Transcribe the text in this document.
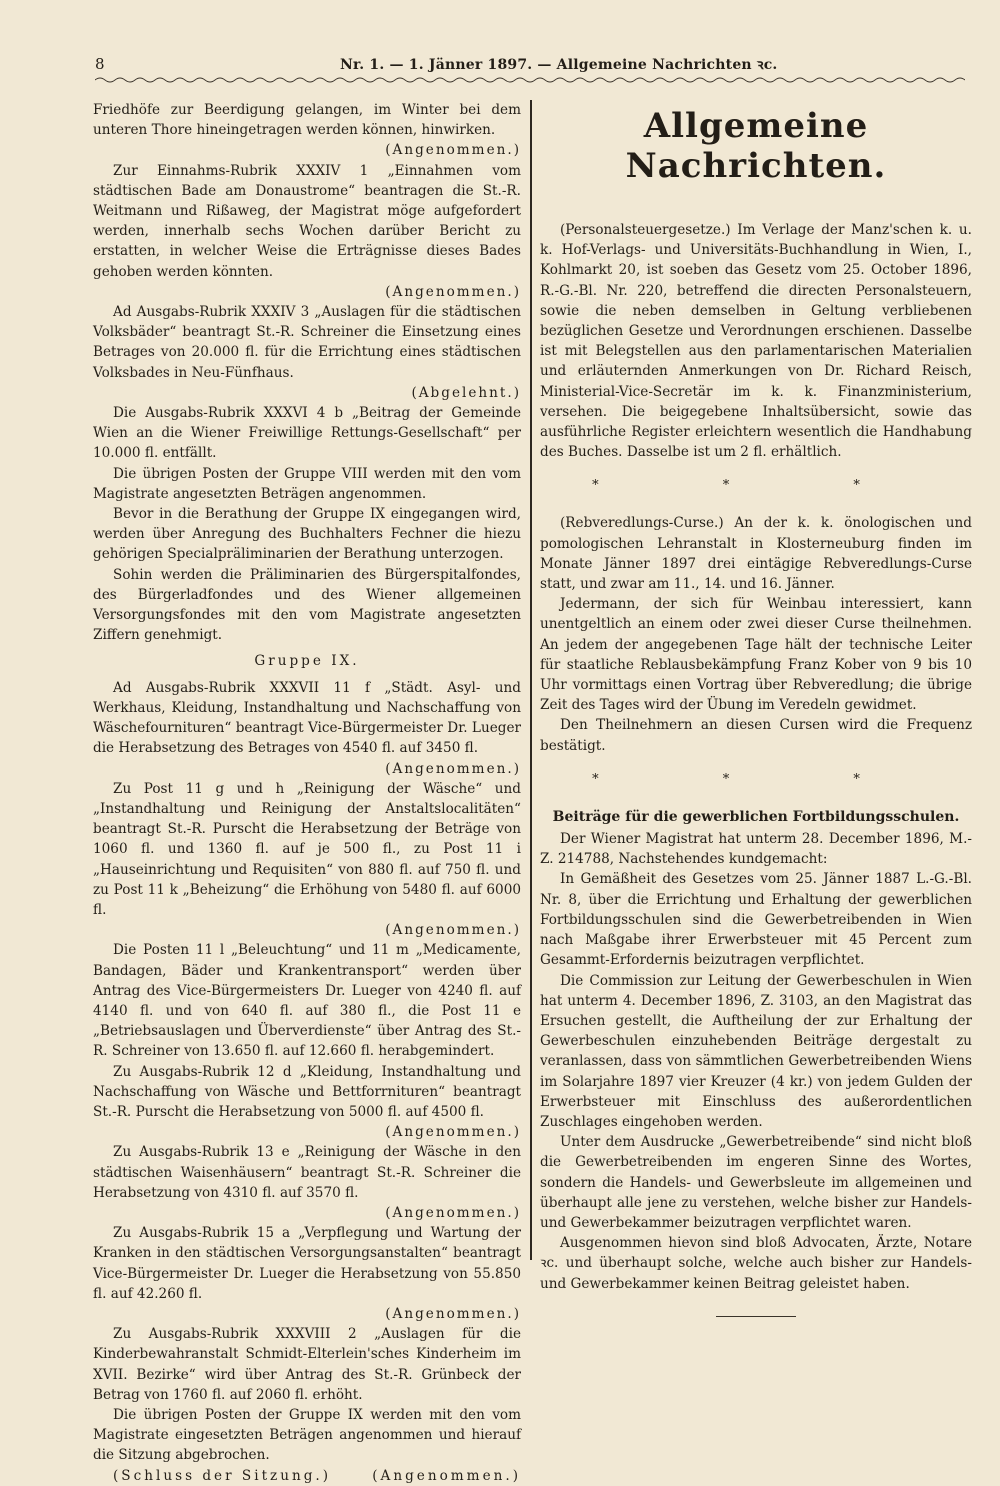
8	Nr. 1. — 1. Jänner 1897. — Allgemeine Nachrichten ꝛc.

Friedhöfe zur Beerdigung gelangen, im Winter bei dem unteren Thore hineingetragen werden können, hinwirken.
(Angenommen.)

Zur Einnahms-Rubrik XXXIV 1 „Einnahmen vom städtischen Bade am Donaustrome“ beantragen die St.-R. Weitmann und Rißaweg, der Magistrat möge aufgefordert werden, innerhalb sechs Wochen darüber Bericht zu erstatten, in welcher Weise die Erträgnisse dieses Bades gehoben werden könnten.
(Angenommen.)

Ad Ausgabs-Rubrik XXXIV 3 „Auslagen für die städtischen Volksbäder“ beantragt St.-R. Schreiner die Einsetzung eines Betrages von 20.000 fl. für die Errichtung eines städtischen Volksbades in Neu-Fünfhaus.
(Abgelehnt.)

Die Ausgabs-Rubrik XXXVI 4 b „Beitrag der Gemeinde Wien an die Wiener Freiwillige Rettungs-Gesellschaft“ per 10.000 fl. entfällt.

Die übrigen Posten der Gruppe VIII werden mit den vom Magistrate angesetzten Beträgen angenommen.

Bevor in die Berathung der Gruppe IX eingegangen wird, werden über Anregung des Buchhalters Fechner die hiezu gehörigen Specialpräliminarien der Berathung unterzogen.

Sohin werden die Präliminarien des Bürgerspitalfondes, des Bürgerladfondes und des Wiener allgemeinen Versorgungsfondes mit den vom Magistrate angesetzten Ziffern genehmigt.

Gruppe IX.

Ad Ausgabs-Rubrik XXXVII 11 f „Städt. Asyl- und Werkhaus, Kleidung, Instandhaltung und Nachschaffung von Wäschefournituren“ beantragt Vice-Bürgermeister Dr. Lueger die Herabsetzung des Betrages von 4540 fl. auf 3450 fl.
(Angenommen.)

Zu Post 11 g und h „Reinigung der Wäsche“ und „Instandhaltung und Reinigung der Anstaltslocalitäten“ beantragt St.-R. Purscht die Herabsetzung der Beträge von 1060 fl. und 1360 fl. auf je 500 fl., zu Post 11 i „Hauseinrichtung und Requisiten“ von 880 fl. auf 750 fl. und zu Post 11 k „Beheizung“ die Erhöhung von 5480 fl. auf 6000 fl.
(Angenommen.)

Die Posten 11 l „Beleuchtung“ und 11 m „Medicamente, Bandagen, Bäder und Krankentransport“ werden über Antrag des Vice-Bürgermeisters Dr. Lueger von 4240 fl. auf 4140 fl. und von 640 fl. auf 380 fl., die Post 11 e „Betriebsauslagen und Überverdienste“ über Antrag des St.-R. Schreiner von 13.650 fl. auf 12.660 fl. herabgemindert.

Zu Ausgabs-Rubrik 12 d „Kleidung, Instandhaltung und Nachschaffung von Wäsche und Bettforrnituren“ beantragt St.-R. Purscht die Herabsetzung von 5000 fl. auf 4500 fl.
(Angenommen.)

Zu Ausgabs-Rubrik 13 e „Reinigung der Wäsche in den städtischen Waisenhäusern“ beantragt St.-R. Schreiner die Herabsetzung von 4310 fl. auf 3570 fl.
(Angenommen.)

Zu Ausgabs-Rubrik 15 a „Verpflegung und Wartung der Kranken in den städtischen Versorgungsanstalten“ beantragt Vice-Bürgermeister Dr. Lueger die Herabsetzung von 55.850 fl. auf 42.260 fl.
(Angenommen.)

Zu Ausgabs-Rubrik XXXVIII 2 „Auslagen für die Kinderbewahranstalt Schmidt-Elterlein'sches Kinderheim im XVII. Bezirke“ wird über Antrag des St.-R. Grünbeck der Betrag von 1760 fl. auf 2060 fl. erhöht.

Die übrigen Posten der Gruppe IX werden mit den vom Magistrate eingesetzten Beträgen angenommen und hierauf die Sitzung abgebrochen.

(Schluss der Sitzung.)	(Angenommen.)

Allgemeine Nachrichten.

(Personalsteuergesetze.) Im Verlage der Manz'schen k. u. k. Hof-Verlags- und Universitäts-Buchhandlung in Wien, I., Kohlmarkt 20, ist soeben das Gesetz vom 25. October 1896, R.-G.-Bl. Nr. 220, betreffend die directen Personalsteuern, sowie die neben demselben in Geltung verbliebenen bezüglichen Gesetze und Verordnungen erschienen. Dasselbe ist mit Belegstellen aus den parlamentarischen Materialien und erläuternden Anmerkungen von Dr. Richard Reisch, Ministerial-Vice-Secretär im k. k. Finanzministerium, versehen. Die beigegebene Inhaltsübersicht, sowie das ausführliche Register erleichtern wesentlich die Handhabung des Buches. Dasselbe ist um 2 fl. erhältlich.

* * *

(Rebveredlungs-Curse.) An der k. k. önologischen und pomologischen Lehranstalt in Klosterneuburg finden im Monate Jänner 1897 drei eintägige Rebveredlungs-Curse statt, und zwar am 11., 14. und 16. Jänner.

Jedermann, der sich für Weinbau interessiert, kann unentgeltlich an einem oder zwei dieser Curse theilnehmen. An jedem der angegebenen Tage hält der technische Leiter für staatliche Reblausbekämpfung Franz Kober von 9 bis 10 Uhr vormittags einen Vortrag über Rebveredlung; die übrige Zeit des Tages wird der Übung im Veredeln gewidmet.

Den Theilnehmern an diesen Cursen wird die Frequenz bestätigt.

* * *

Beiträge für die gewerblichen Fortbildungsschulen.

Der Wiener Magistrat hat unterm 28. December 1896, M.-Z. 214788, Nachstehendes kundgemacht:

In Gemäßheit des Gesetzes vom 25. Jänner 1887 L.-G.-Bl. Nr. 8, über die Errichtung und Erhaltung der gewerblichen Fortbildungsschulen sind die Gewerbetreibenden in Wien nach Maßgabe ihrer Erwerbsteuer mit 45 Percent zum Gesammt-Erfordernis beizutragen verpflichtet.

Die Commission zur Leitung der Gewerbeschulen in Wien hat unterm 4. December 1896, Z. 3103, an den Magistrat das Ersuchen gestellt, die Auftheilung der zur Erhaltung der Gewerbeschulen einzuhebenden Beiträge dergestalt zu veranlassen, dass von sämmtlichen Gewerbetreibenden Wiens im Solarjahre 1897 vier Kreuzer (4 kr.) von jedem Gulden der Erwerbsteuer mit Einschluss des außerordentlichen Zuschlages eingehoben werden.

Unter dem Ausdrucke „Gewerbetreibende“ sind nicht bloß die Gewerbetreibenden im engeren Sinne des Wortes, sondern die Handels- und Gewerbsleute im allgemeinen und überhaupt alle jene zu verstehen, welche bisher zur Handels- und Gewerbekammer beizutragen verpflichtet waren.

Ausgenommen hievon sind bloß Advocaten, Ärzte, Notare ꝛc. und überhaupt solche, welche auch bisher zur Handels- und Gewerbekammer keinen Beitrag geleistet haben.
